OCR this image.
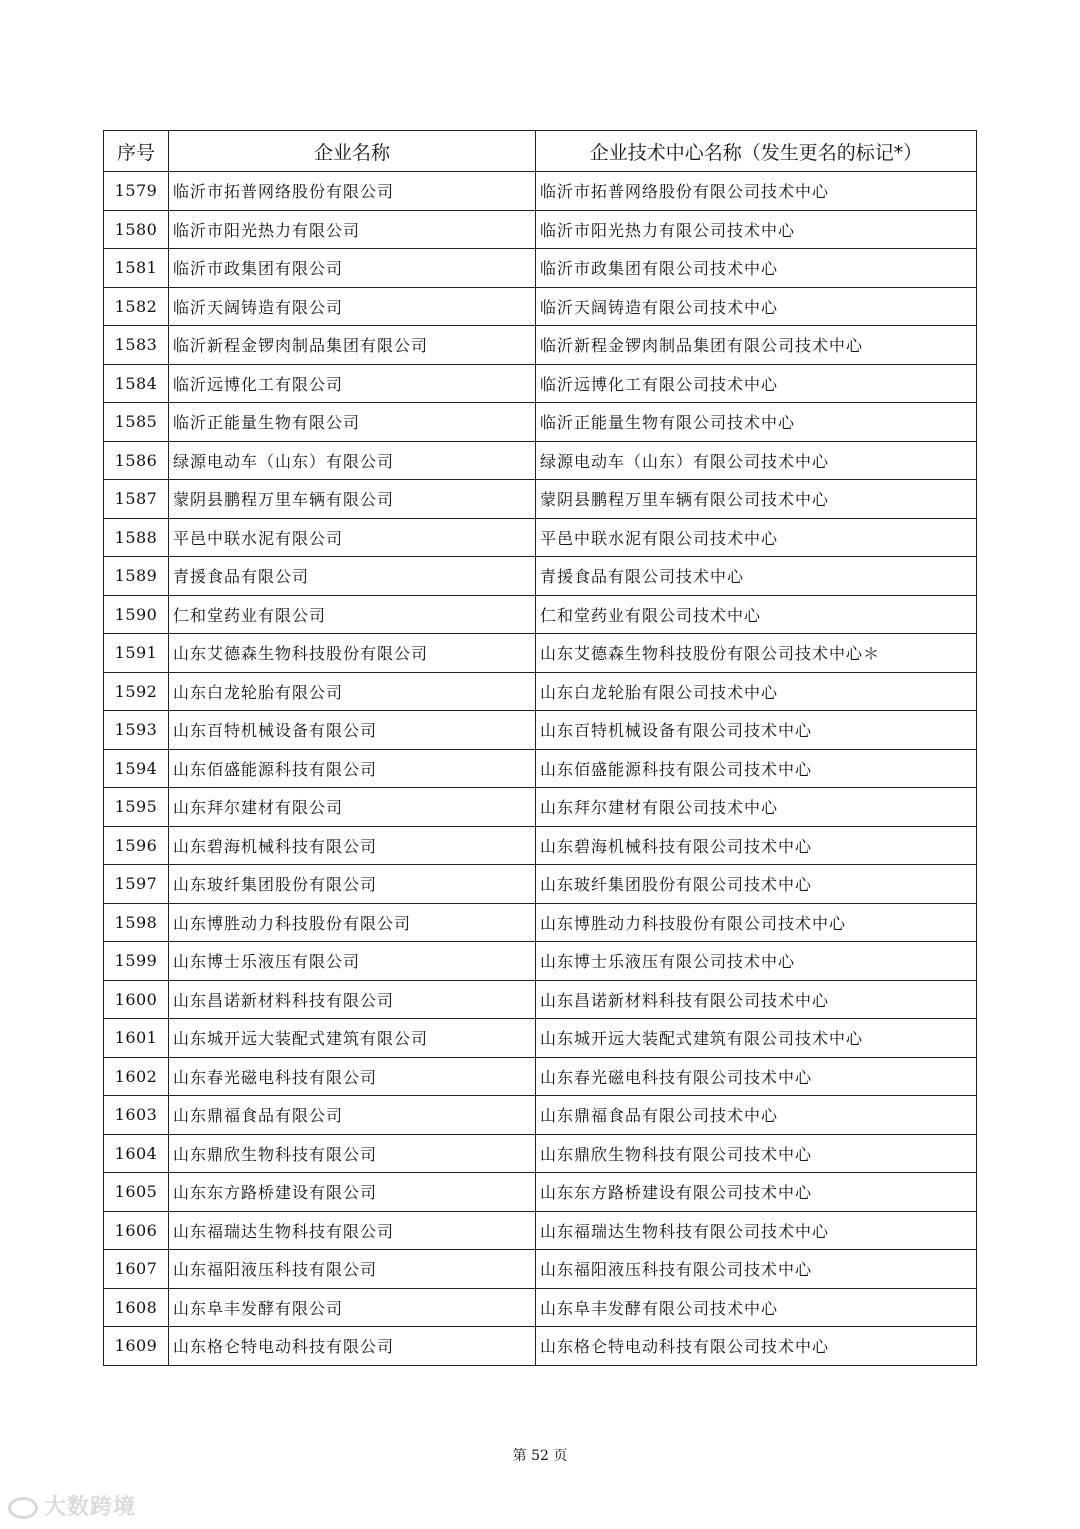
序号	企业名称	企业技术中心名称（发生更名的标记*）
1579	临沂市拓普网络股份有限公司	临沂市拓普网络股份有限公司技术中心
1580	临沂市阳光热力有限公司	临沂市阳光热力有限公司技术中心
1581	临沂市政集团有限公司	临沂市政集团有限公司技术中心
1582	临沂天阔铸造有限公司	临沂天阔铸造有限公司技术中心
1583	临沂新程金锣肉制品集团有限公司	临沂新程金锣肉制品集团有限公司技术中心
1584	临沂远博化工有限公司	临沂远博化工有限公司技术中心
1585	临沂正能量生物有限公司	临沂正能量生物有限公司技术中心
1586	绿源电动车（山东）有限公司	绿源电动车（山东）有限公司技术中心
1587	蒙阴县鹏程万里车辆有限公司	蒙阴县鹏程万里车辆有限公司技术中心
1588	平邑中联水泥有限公司	平邑中联水泥有限公司技术中心
1589	青援食品有限公司	青援食品有限公司技术中心
1590	仁和堂药业有限公司	仁和堂药业有限公司技术中心
1591	山东艾德森生物科技股份有限公司	山东艾德森生物科技股份有限公司技术中心＊
1592	山东白龙轮胎有限公司	山东白龙轮胎有限公司技术中心
1593	山东百特机械设备有限公司	山东百特机械设备有限公司技术中心
1594	山东佰盛能源科技有限公司	山东佰盛能源科技有限公司技术中心
1595	山东拜尔建材有限公司	山东拜尔建材有限公司技术中心
1596	山东碧海机械科技有限公司	山东碧海机械科技有限公司技术中心
1597	山东玻纤集团股份有限公司	山东玻纤集团股份有限公司技术中心
1598	山东博胜动力科技股份有限公司	山东博胜动力科技股份有限公司技术中心
1599	山东博士乐液压有限公司	山东博士乐液压有限公司技术中心
1600	山东昌诺新材料科技有限公司	山东昌诺新材料科技有限公司技术中心
1601	山东城开远大装配式建筑有限公司	山东城开远大装配式建筑有限公司技术中心
1602	山东春光磁电科技有限公司	山东春光磁电科技有限公司技术中心
1603	山东鼎福食品有限公司	山东鼎福食品有限公司技术中心
1604	山东鼎欣生物科技有限公司	山东鼎欣生物科技有限公司技术中心
1605	山东东方路桥建设有限公司	山东东方路桥建设有限公司技术中心
1606	山东福瑞达生物科技有限公司	山东福瑞达生物科技有限公司技术中心
1607	山东福阳液压科技有限公司	山东福阳液压科技有限公司技术中心
1608	山东阜丰发酵有限公司	山东阜丰发酵有限公司技术中心
1609	山东格仑特电动科技有限公司	山东格仑特电动科技有限公司技术中心
第 52 页
大数跨境
